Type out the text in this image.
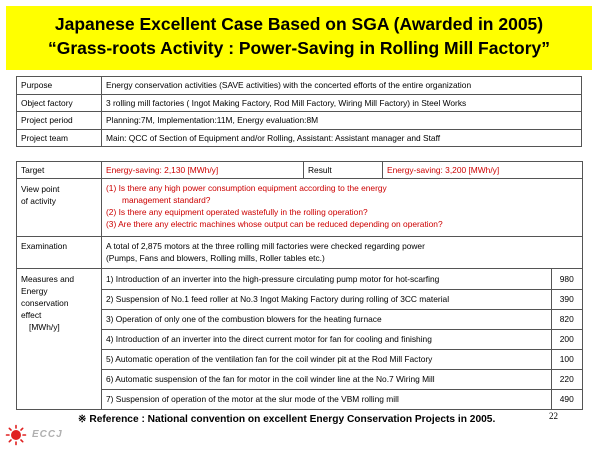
Japanese Excellent Case Based on SGA (Awarded in 2005)
“Grass-roots Activity : Power-Saving in Rolling Mill Factory”
Purpose	Energy conservation activities (SAVE activities) with the concerted efforts of the entire organization
Object factory	3 rolling mill factories ( Ingot Making Factory, Rod Mill Factory, Wiring Mill Factory) in Steel Works
Project period	Planning:7M, Implementation:11M, Energy evaluation:8M
Project team	Main: QCC of Section of Equipment and/or Rolling, Assistant: Assistant manager and Staff
Target	Energy-saving: 2,130 [MWh/y]	Result	Energy-saving: 3,200 [MWh/y]

View point
of activity

(1) Is there any high power consumption equipment according to the energy
management standard?
(2) Is there any equipment operated wastefully in the rolling operation?
(3) Are there any electric machines whose output can be reduced depending on operation?

Examination	A total of 2,875 motors at the three rolling mill factories were checked regarding power
(Pumps, Fans and blowers, Rolling mills, Roller tables etc.)

Measures and
Energy
conservation
effect
[MWh/y]

1) Introduction of an inverter into the high-pressure circulating pump motor for hot-scarfing	980
2) Suspension of No.1 feed roller at No.3 Ingot Making Factory during rolling of 3CC material	390
3) Operation of only one of the combustion blowers for the heating furnace	820
4) Introduction of an inverter into the direct current motor for fan for cooling and finishing	200
5) Automatic operation of the ventilation fan for the coil winder pit at the Rod Mill Factory	100
6) Automatic suspension of the fan for motor in the coil winder line at the No.7 Wiring Mill	220
7) Suspension of operation of the motor at the slur mode of the VBM rolling mill	490
※ Reference : National convention on excellent Energy Conservation Projects in 2005.	22
ECCJ
